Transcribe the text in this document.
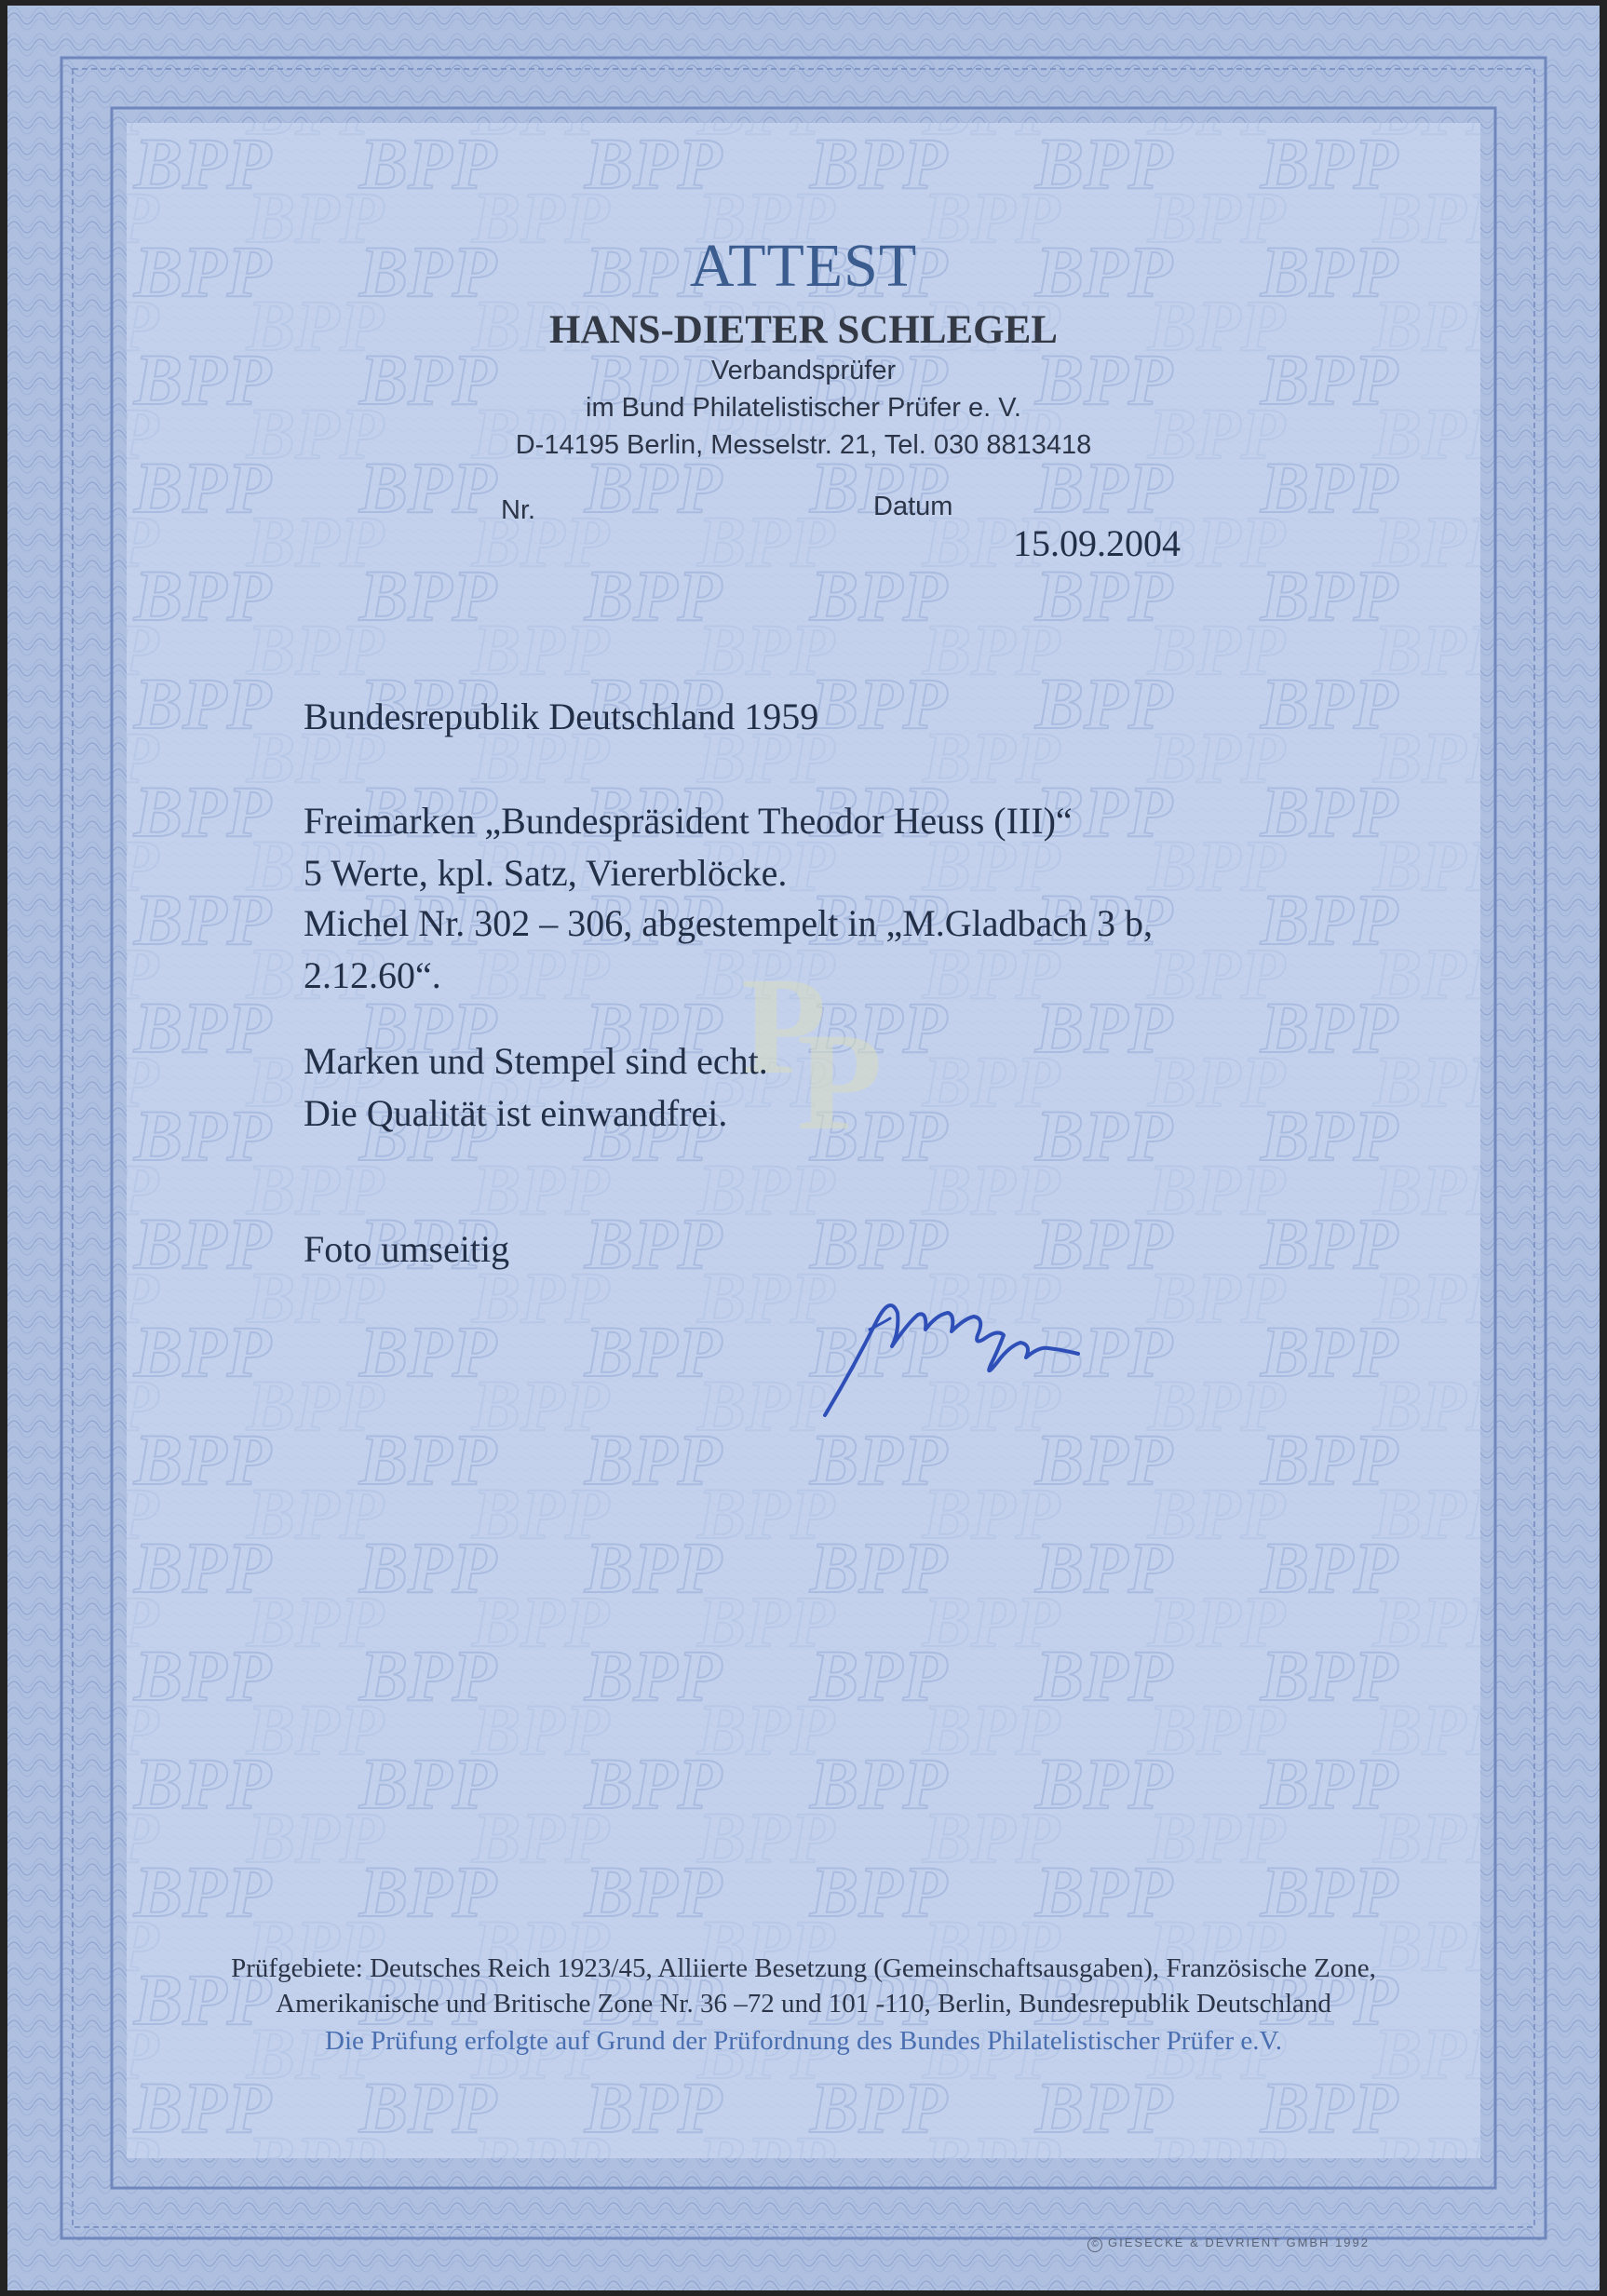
P
P
ATTEST
HANS-DIETER SCHLEGEL
Verbandsprüfer
im Bund Philatelistischer Prüfer e. V.
D-14195 Berlin, Messelstr. 21, Tel. 030 8813418
Nr.	Datum
15.09.2004
Bundesrepublik Deutschland 1959
Freimarken „Bundespräsident Theodor Heuss (III)“
5 Werte, kpl. Satz, Viererblöcke.
Michel Nr. 302 – 306, abgestempelt in „M.Gladbach 3 b,
2.12.60“.
Marken und Stempel sind echt.
Die Qualität ist einwandfrei.
Foto umseitig
Prüfgebiete: Deutsches Reich 1923/45, Alliierte Besetzung (Gemeinschaftsausgaben), Französische Zone,
Amerikanische und Britische Zone Nr. 36 –72 und 101 -110, Berlin, Bundesrepublik Deutschland
Die Prüfung erfolgte auf Grund der Prüfordnung des Bundes Philatelistischer Prüfer e.V.
© GIESECKE & DEVRIENT GMBH 1992
